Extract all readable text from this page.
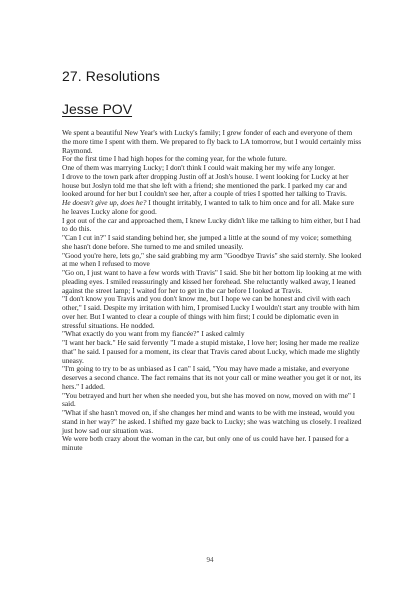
27. Resolutions
Jesse POV

We spent a beautiful New Year's with Lucky's family; I grew fonder of each and everyone of them the more time I spent with them. We prepared to fly back to LA tomorrow, but I would certainly miss Raymond.

For the first time I had high hopes for the coming year, for the whole future.

One of them was marrying Lucky; I don't think I could wait making her my wife any longer.

I drove to the town park after dropping Justin off at Josh's house. I went looking for Lucky at her house but Joslyn told me that she left with a friend; she mentioned the park. I parked my car and looked around for her but I couldn't see her, after a couple of tries I spotted her talking to Travis.

He doesn't give up, does he? I thought irritably, I wanted to talk to him once and for all. Make sure he leaves Lucky alone for good.

I got out of the car and approached them, I knew Lucky didn't like me talking to him either, but I had to do this.

"Can I cut in?" I said standing behind her, she jumped a little at the sound of my voice; something she hasn't done before. She turned to me and smiled uneasily.

"Good you're here, lets go," she said grabbing my arm "Goodbye Travis" she said sternly. She looked at me when I refused to move

"Go on, I just want to have a few words with Travis" I said. She bit her bottom lip looking at me with pleading eyes. I smiled reassuringly and kissed her forehead. She reluctantly walked away, I leaned against the street lamp; I waited for her to get in the car before I looked at Travis.

"I don't know you Travis and you don't know me, but I hope we can be honest and civil with each other," I said. Despite my irritation with him, I promised Lucky I wouldn't start any trouble with him over her. But I wanted to clear a couple of things with him first; I could be diplomatic even in stressful situations. He nodded.

"What exactly do you want from my fiancée?" I asked calmly

"I want her back." He said fervently "I made a stupid mistake, I love her; losing her made me realize that" he said. I paused for a moment, its clear that Travis cared about Lucky, which made me slightly uneasy.

"I'm going to try to be as unbiased as I can" I said, "You may have made a mistake, and everyone deserves a second chance. The fact remains that its not your call or mine weather you get it or not, its hers." I added.

"You betrayed and hurt her when she needed you, but she has moved on now, moved on with me" I said.

"What if she hasn't moved on, if she changes her mind and wants to be with me instead, would you stand in her way?" he asked. I shifted my gaze back to Lucky; she was watching us closely. I realized just how sad our situation was.

We were both crazy about the woman in the car, but only one of us could have her. I paused for a minute

94
